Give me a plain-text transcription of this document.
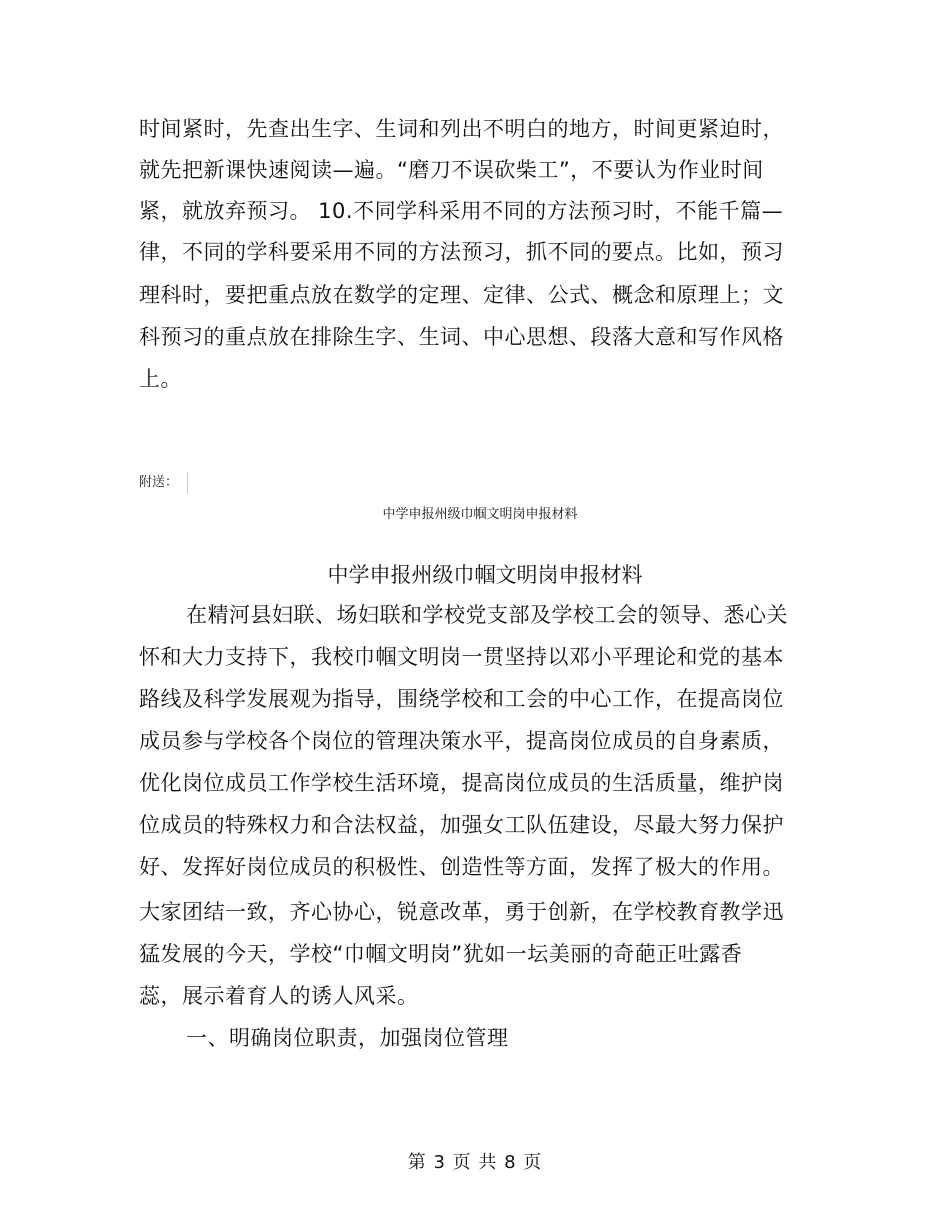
时间紧时，先查出生字、生词和列出不明白的地方，时间更紧迫时，
就先把新课快速阅读—遍。“磨刀不误砍柴工”，不要认为作业时间
紧，就放弃预习。 10.不同学科采用不同的方法预习时，不能千篇—
律，不同的学科要采用不同的方法预习，抓不同的要点。比如，预习
理科时，要把重点放在数学的定理、定律、公式、概念和原理上；文
科预习的重点放在排除生字、生词、中心思想、段落大意和写作风格
上。
附送：
中学申报州级巾帼文明岗申报材料
中学申报州级巾帼文明岗申报材料
在精河县妇联、场妇联和学校党支部及学校工会的领导、悉心关
怀和大力支持下，我校巾帼文明岗一贯坚持以邓小平理论和党的基本
路线及科学发展观为指导，围绕学校和工会的中心工作，在提高岗位
成员参与学校各个岗位的管理决策水平，提高岗位成员的自身素质，
优化岗位成员工作学校生活环境，提高岗位成员的生活质量，维护岗
位成员的特殊权力和合法权益，加强女工队伍建设，尽最大努力保护
好、发挥好岗位成员的积极性、创造性等方面，发挥了极大的作用。
大家团结一致，齐心协心，锐意改革，勇于创新，在学校教育教学迅
猛发展的今天，学校“巾帼文明岗”犹如一坛美丽的奇葩正吐露香
蕊，展示着育人的诱人风采。
一、明确岗位职责，加强岗位管理
第 3 页 共 8 页
